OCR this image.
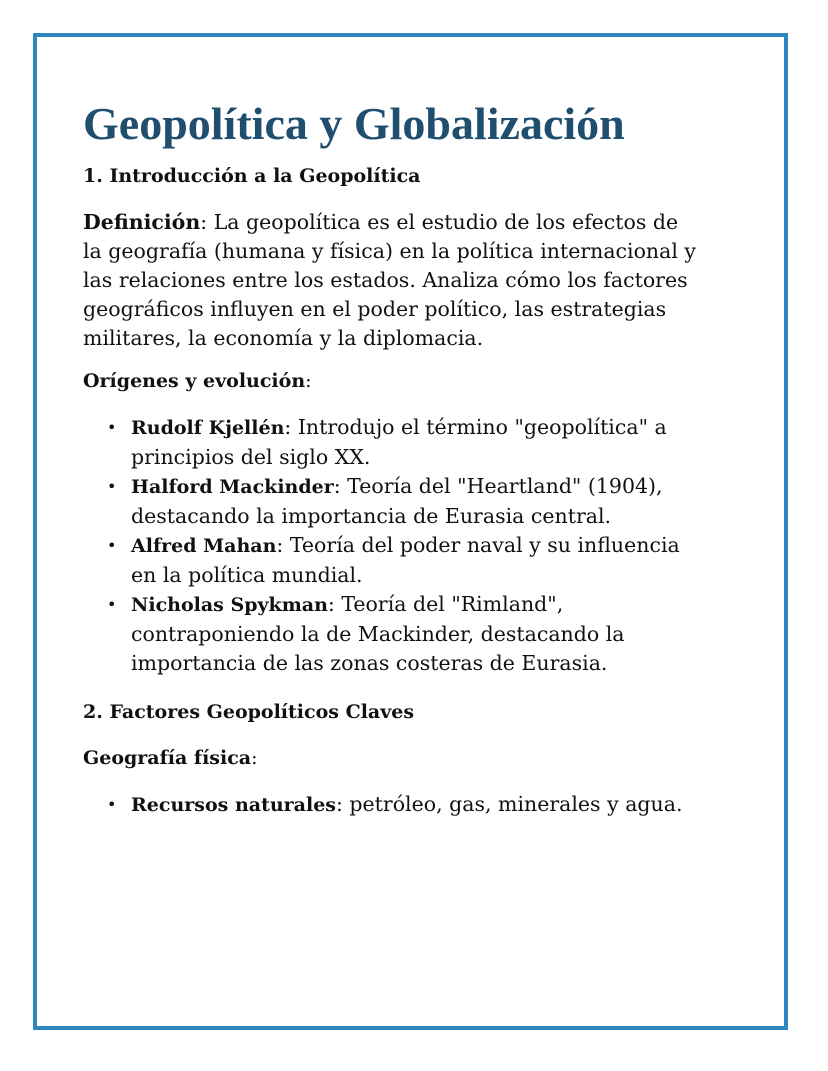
Geopolítica y Globalización
1. Introducción a la Geopolítica

Definición: La geopolítica es el estudio de los efectos de la geografía (humana y física) en la política internacional y las relaciones entre los estados. Analiza cómo los factores geográficos influyen en el poder político, las estrategias militares, la economía y la diplomacia.

Orígenes y evolución:

• Rudolf Kjellén: Introdujo el término "geopolítica" a principios del siglo XX.
• Halford Mackinder: Teoría del "Heartland" (1904), destacando la importancia de Eurasia central.
• Alfred Mahan: Teoría del poder naval y su influencia en la política mundial.
• Nicholas Spykman: Teoría del "Rimland", contraponiendo la de Mackinder, destacando la importancia de las zonas costeras de Eurasia.
2. Factores Geopolíticos Claves

Geografía física:

• Recursos naturales: petróleo, gas, minerales y agua.
